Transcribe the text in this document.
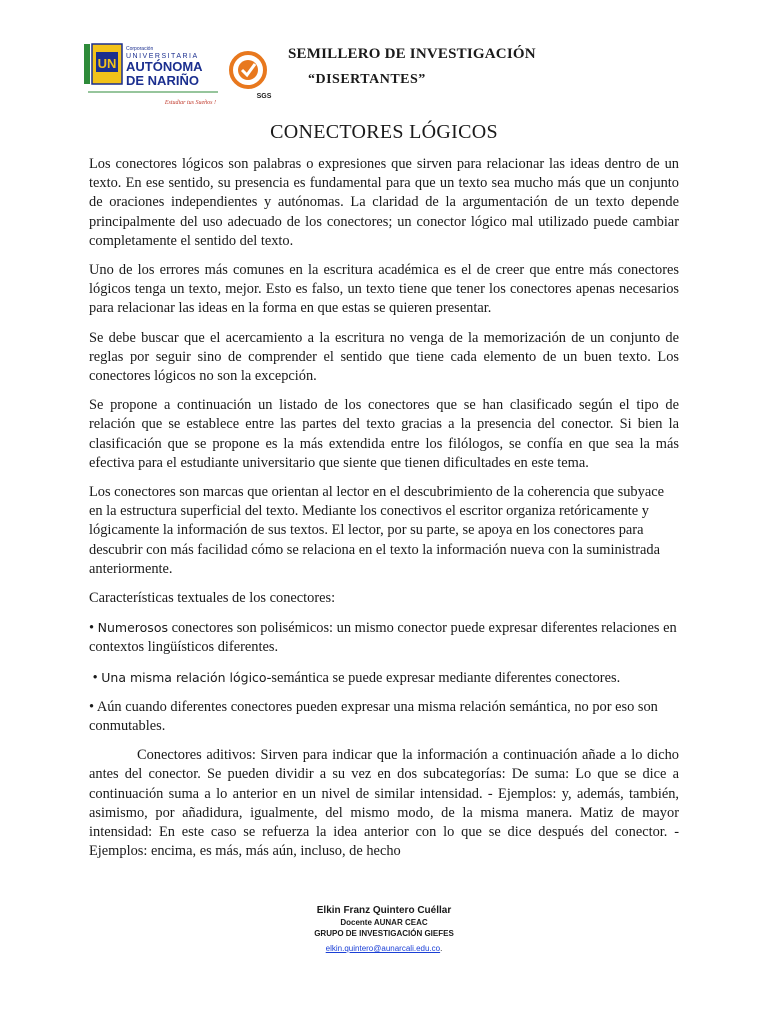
UN
Corporación
UNIVERSITARIA
AUTÓNOMA
DE NARIÑO
Estudiar tus Sueños !
SGS
SEMILLERO DE INVESTIGACIÓN
“DISERTANTES”
CONECTORES LÓGICOS

Los conectores lógicos son palabras o expresiones que sirven para relacionar las ideas dentro de un texto. En ese sentido, su presencia es fundamental para que un texto sea mucho más que un conjunto de oraciones independientes y autónomas. La claridad de la argumentación de un texto depende principalmente del uso adecuado de los conectores; un conector lógico mal utilizado puede cambiar completamente el sentido del texto.

Uno de los errores más comunes en la escritura académica es el de creer que entre más conectores lógicos tenga un texto, mejor. Esto es falso, un texto tiene que tener los conectores apenas necesarios para relacionar las ideas en la forma en que estas se quieren presentar.

Se debe buscar que el acercamiento a la escritura no venga de la memorización de un conjunto de reglas por seguir sino de comprender el sentido que tiene cada elemento de un buen texto. Los conectores lógicos no son la excepción.

Se propone a continuación un listado de los conectores que se han clasificado según el tipo de relación que se establece entre las partes del texto gracias a la presencia del conector. Si bien la clasificación que se propone es la más extendida entre los filólogos, se confía en que sea la más efectiva para el estudiante universitario que siente que tienen dificultades en este tema.

Los conectores son marcas que orientan al lector en el descubrimiento de la coherencia que subyace en la estructura superficial del texto. Mediante los conectivos el escritor organiza retóricamente y lógicamente la información de sus textos. El lector, por su parte, se apoya en los conectores para descubrir con más facilidad cómo se relaciona en el texto la información nueva con la suministrada anteriormente.

Características textuales de los conectores:

• Numerosos conectores son polisémicos: un mismo conector puede expresar diferentes relaciones en contextos lingüísticos diferentes.

• Una misma relación lógico-semántica se puede expresar mediante diferentes conectores.

• Aún cuando diferentes conectores pueden expresar una misma relación semántica, no por eso son conmutables.

Conectores aditivos: Sirven para indicar que la información a continuación añade a lo dicho antes del conector. Se pueden dividir a su vez en dos subcategorías: De suma: Lo que se dice a continuación suma a lo anterior en un nivel de similar intensidad. - Ejemplos: y, además, también, asimismo, por añadidura, igualmente, del mismo modo, de la misma manera. Matiz de mayor intensidad: En este caso se refuerza la idea anterior con lo que se dice después del conector. - Ejemplos: encima, es más, más aún, incluso, de hecho

Elkin Franz Quintero Cuéllar
Docente AUNAR CEAC
GRUPO DE INVESTIGACIÓN GIEFES
elkin.quintero@aunarcali.edu.co.
